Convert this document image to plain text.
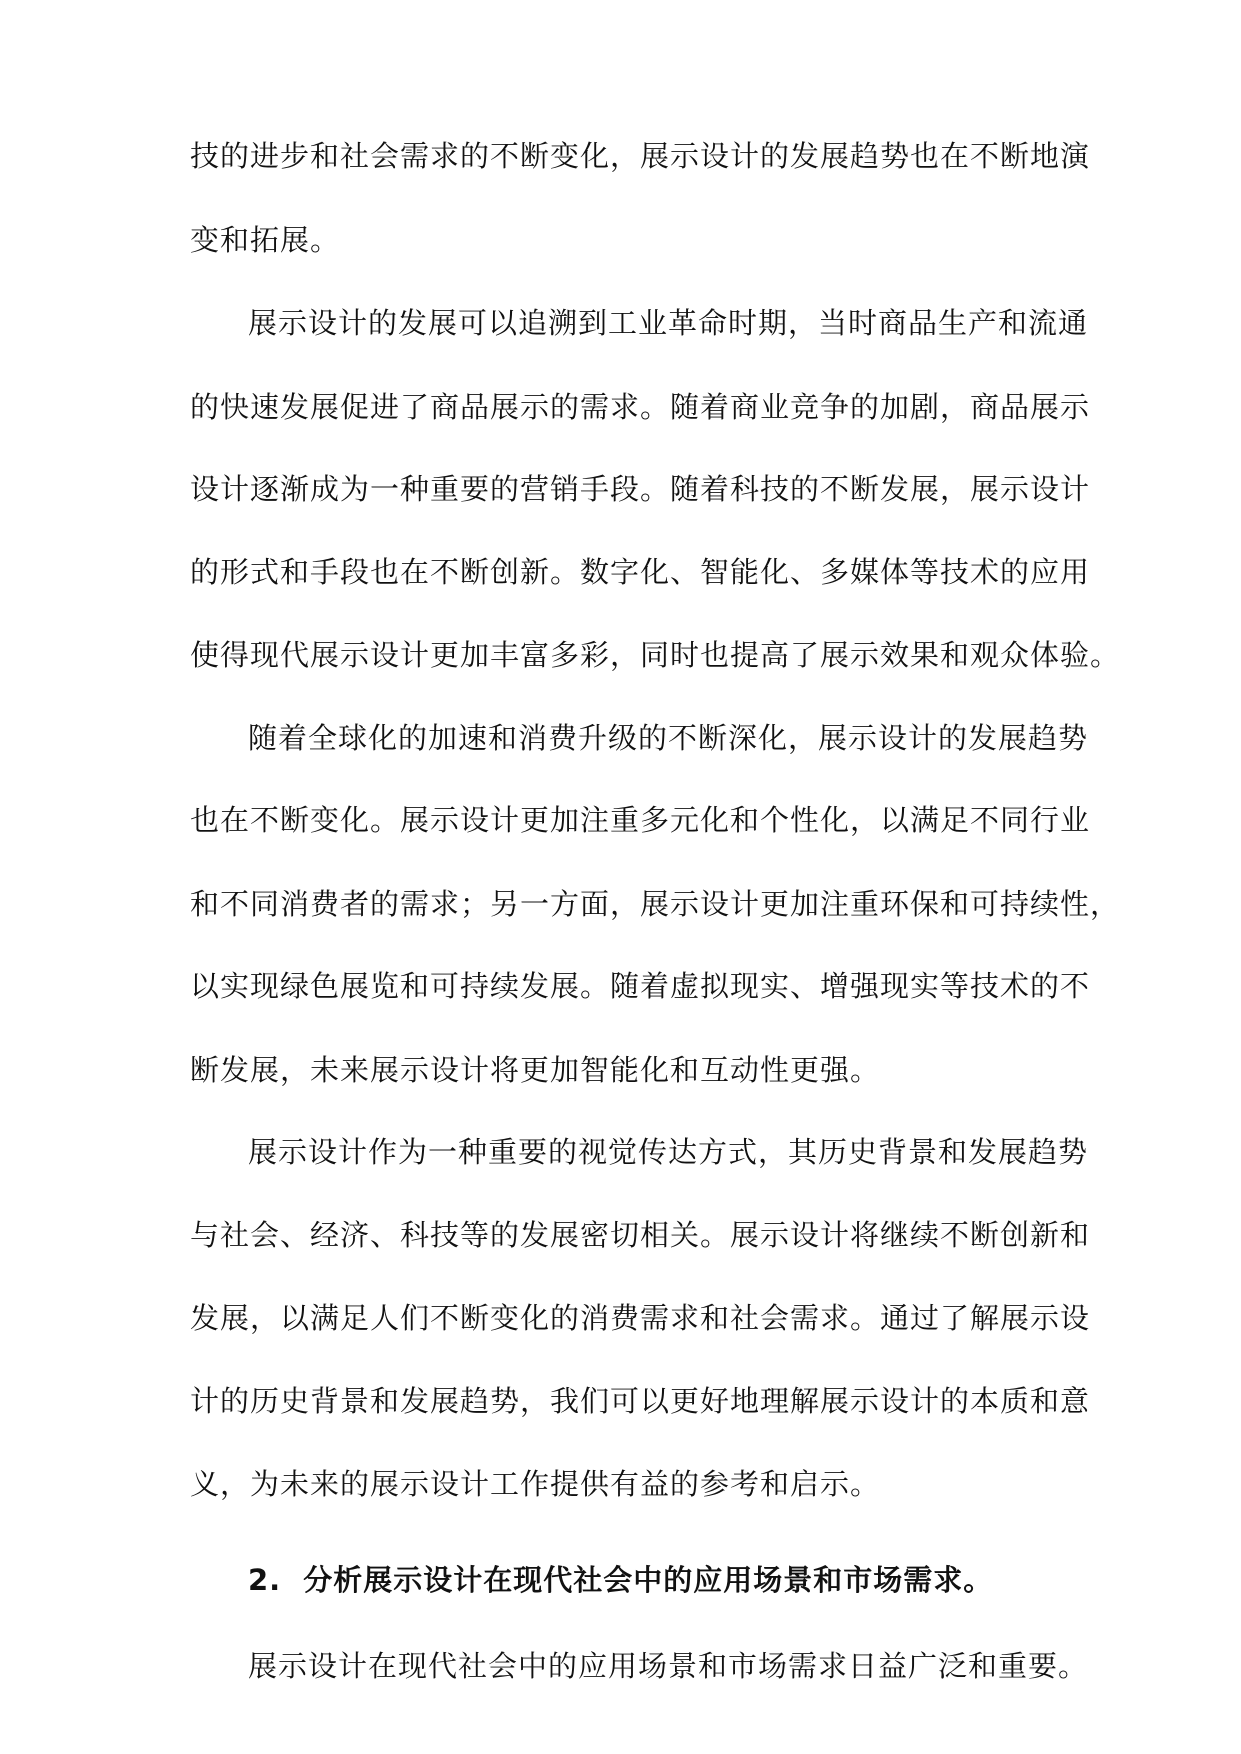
技的进步和社会需求的不断变化，展示设计的发展趋势也在不断地演
变和拓展。
展示设计的发展可以追溯到工业革命时期，当时商品生产和流通
的快速发展促进了商品展示的需求。随着商业竞争的加剧，商品展示
设计逐渐成为一种重要的营销手段。随着科技的不断发展，展示设计
的形式和手段也在不断创新。数字化、智能化、多媒体等技术的应用
使得现代展示设计更加丰富多彩，同时也提高了展示效果和观众体验。
随着全球化的加速和消费升级的不断深化，展示设计的发展趋势
也在不断变化。展示设计更加注重多元化和个性化，以满足不同行业
和不同消费者的需求；另一方面，展示设计更加注重环保和可持续性，
以实现绿色展览和可持续发展。随着虚拟现实、增强现实等技术的不
断发展，未来展示设计将更加智能化和互动性更强。
展示设计作为一种重要的视觉传达方式，其历史背景和发展趋势
与社会、经济、科技等的发展密切相关。展示设计将继续不断创新和
发展，以满足人们不断变化的消费需求和社会需求。通过了解展示设
计的历史背景和发展趋势，我们可以更好地理解展示设计的本质和意
义，为未来的展示设计工作提供有益的参考和启示。
2. 分析展示设计在现代社会中的应用场景和市场需求。
展示设计在现代社会中的应用场景和市场需求日益广泛和重要。
